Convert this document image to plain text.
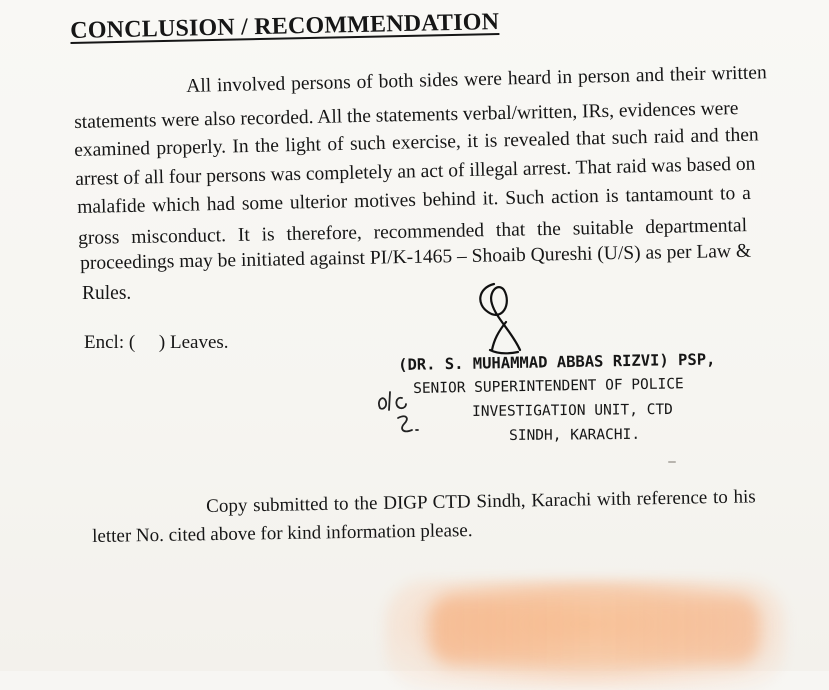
CONCLUSION / RECOMMENDATION
All involved persons of both sides were heard in person and their written
statements were also recorded. All the statements verbal/written, IRs, evidences were
examined properly. In the light of such exercise, it is revealed that such raid and then
arrest of all four persons was completely an act of illegal arrest. That raid was based on
malafide which had some ulterior motives behind it. Such action is tantamount to a
gross misconduct. It is therefore, recommended that the suitable departmental
proceedings may be initiated against PI/K-1465 – Shoaib Qureshi (U/S) as per Law &
Rules.
Encl: (     ) Leaves.
(DR. S. MUHAMMAD ABBAS RIZVI) PSP,
SENIOR SUPERINTENDENT OF POLICE
INVESTIGATION UNIT, CTD
SINDH, KARACHI.
Copy submitted to the DIGP CTD Sindh, Karachi with reference to his
letter No. cited above for kind information please.
